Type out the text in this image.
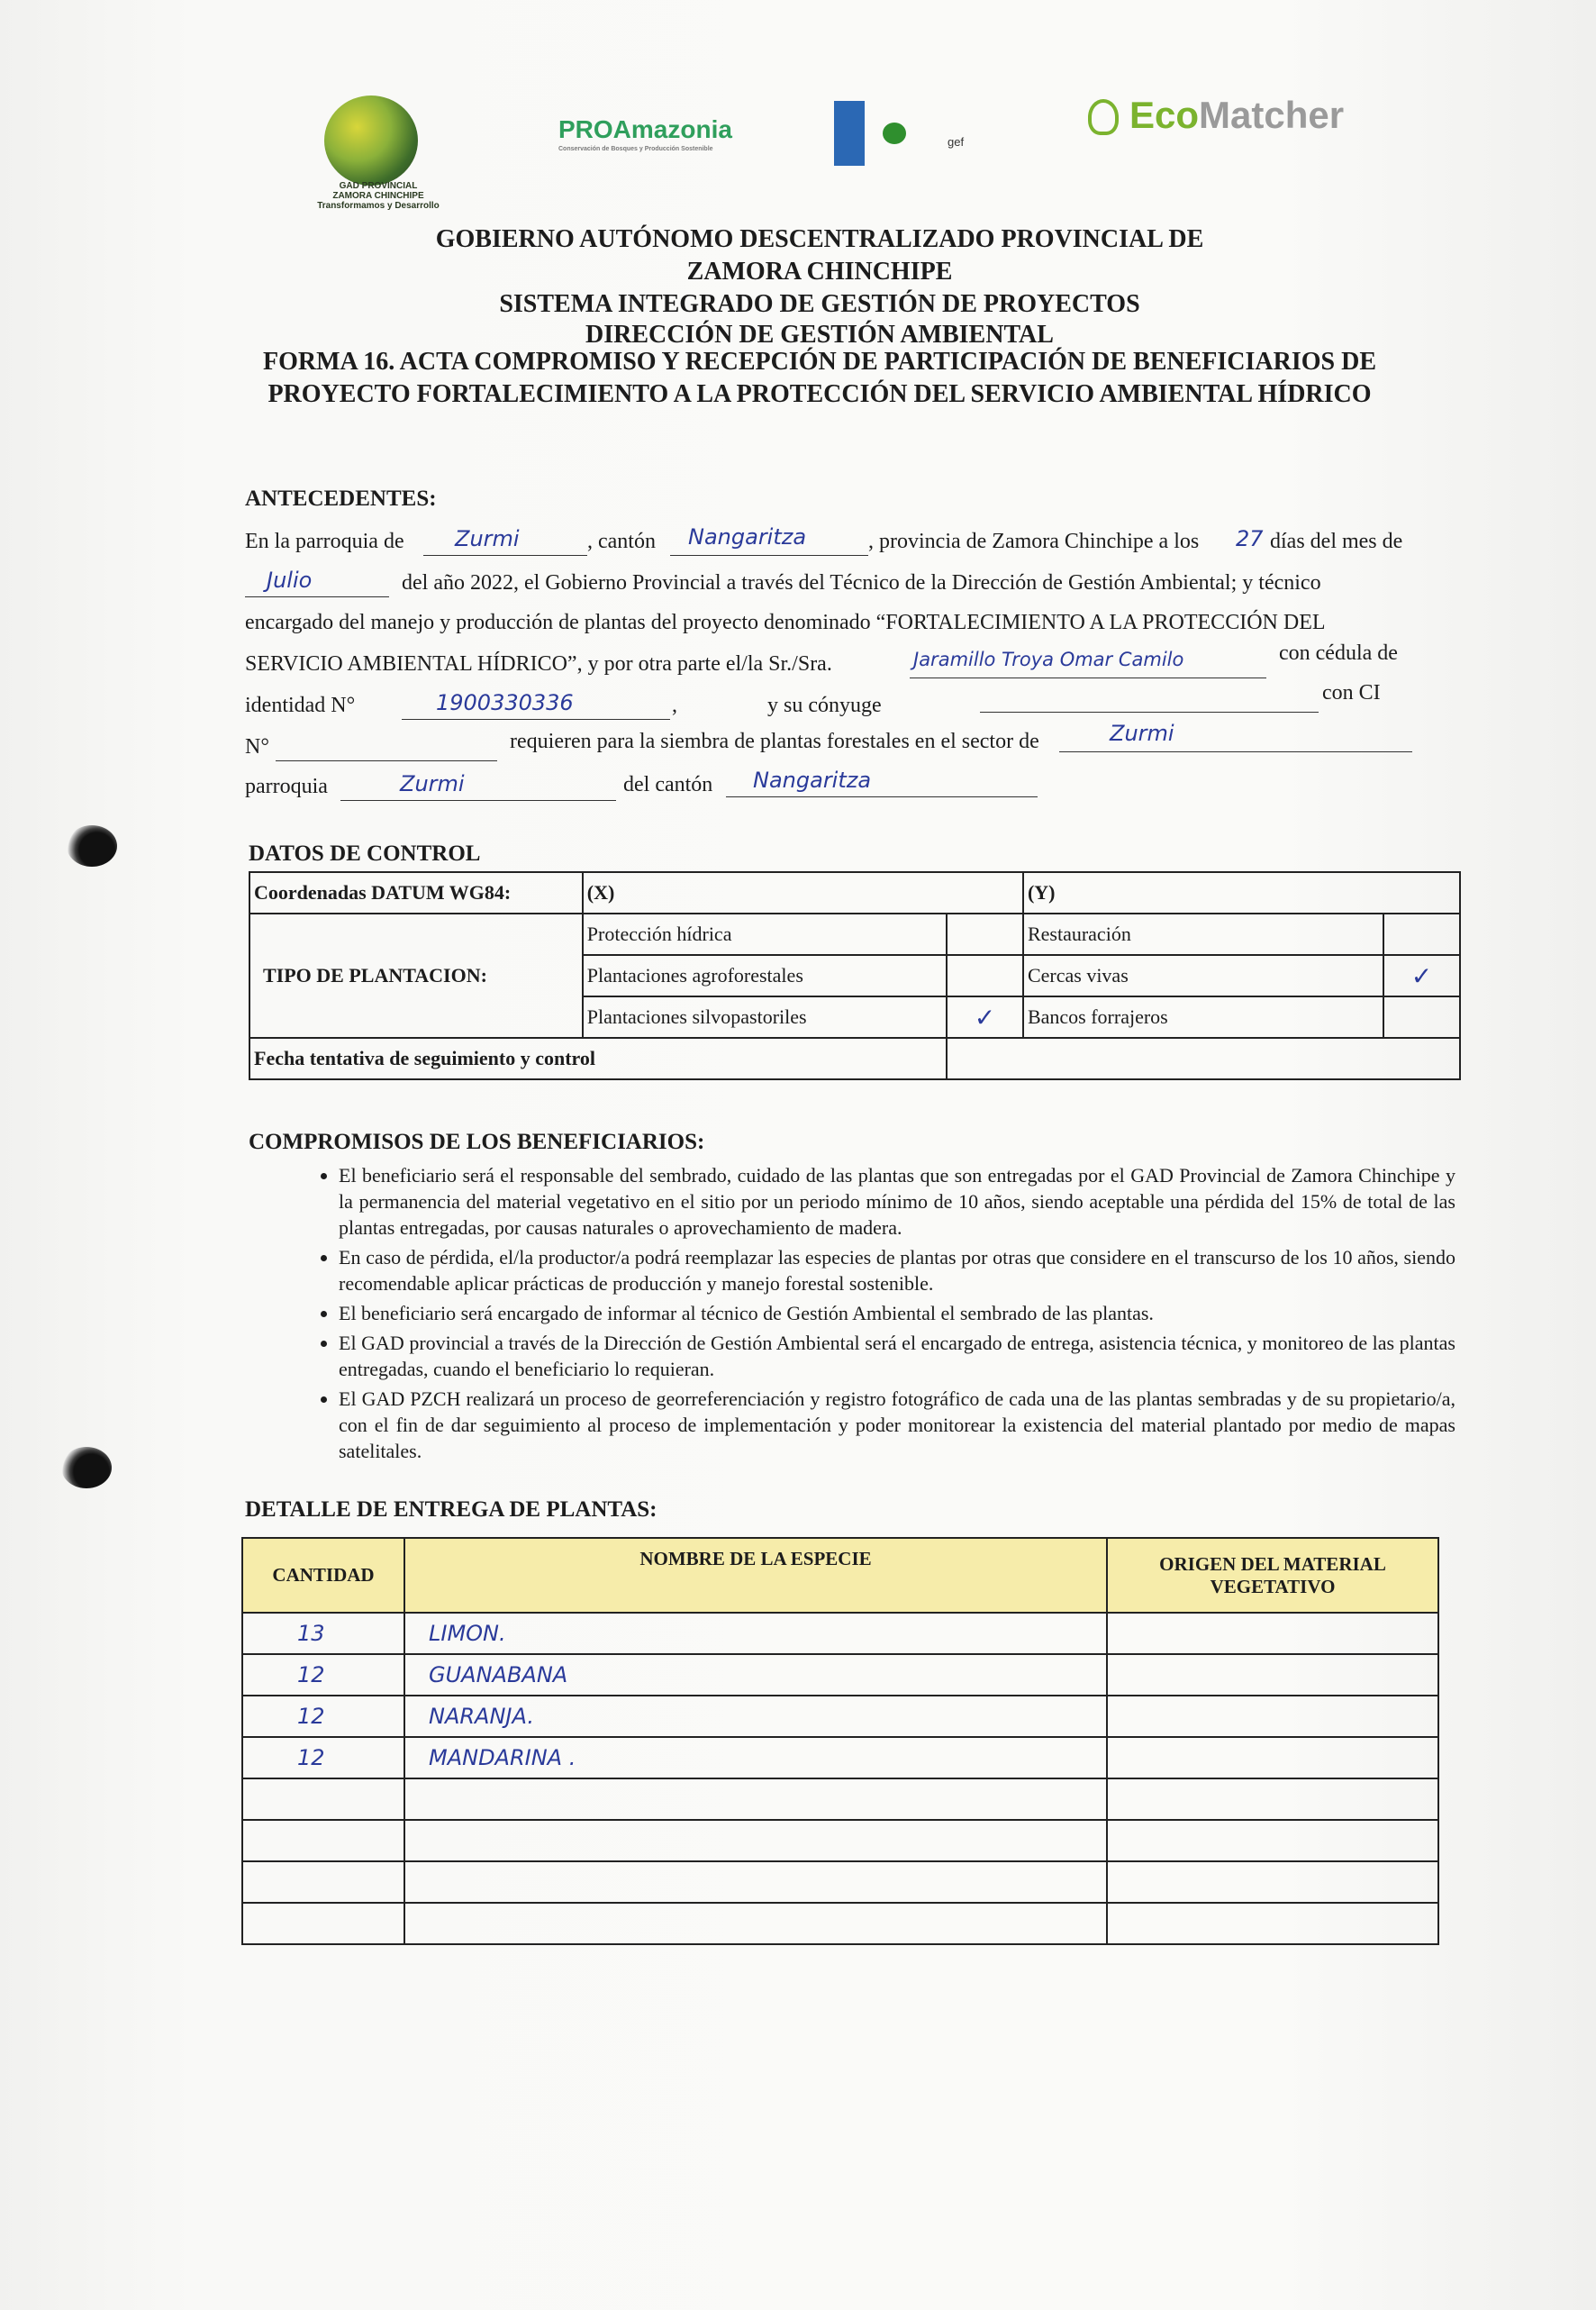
GAD PROVINCIAL
ZAMORA CHINCHIPE
Transformamos y Desarrollo
PROAmazonia
Conservación de Bosques y Producción Sostenible
gef
EcoMatcher
GOBIERNO AUTÓNOMO DESCENTRALIZADO PROVINCIAL DE
ZAMORA CHINCHIPE
SISTEMA INTEGRADO DE GESTIÓN DE PROYECTOS
DIRECCIÓN DE GESTIÓN AMBIENTAL
FORMA 16. ACTA COMPROMISO Y RECEPCIÓN DE PARTICIPACIÓN DE BENEFICIARIOS DE
PROYECTO FORTALECIMIENTO A LA PROTECCIÓN DEL SERVICIO AMBIENTAL HÍDRICO
ANTECEDENTES:
En la parroquia de Zurmi	, cantón Nangaritza	, provincia de Zamora Chinchipe a los 27 días del mes de
Julio	del año 2022, el Gobierno Provincial a través del Técnico de la Dirección de Gestión Ambiental; y técnico
encargado del manejo y producción de plantas del proyecto denominado “FORTALECIMIENTO A LA PROTECCIÓN DEL
SERVICIO AMBIENTAL HÍDRICO”, y por otra parte el/la Sr./Sra.	Jaramillo Troya Omar Camilo	con cédula de
identidad N°	1900330336	,	y su cónyuge
con CI
N°	requieren para la siembra de plantas forestales en el sector de	Zurmi
parroquia	Zurmi	del cantón Nangaritza
DATOS DE CONTROL
Coordenadas DATUM WG84:	(X)		(Y)	
TIPO DE PLANTACION:	Protección hídrica		Restauración	
	Plantaciones agroforestales		Cercas vivas	✓
	Plantaciones silvopastoriles	✓	Bancos forrajeros	
Fecha tentativa de seguimiento y control				
COMPROMISOS DE LOS BENEFICIARIOS:
• El beneficiario será el responsable del sembrado, cuidado de las plantas que son entregadas por el GAD Provincial de Zamora Chinchipe y la permanencia del material vegetativo en el sitio por un periodo mínimo de 10 años, siendo aceptable una pérdida del 15% de total de las plantas entregadas, por causas naturales o aprovechamiento de madera.
• En caso de pérdida, el/la productor/a podrá reemplazar las especies de plantas por otras que considere en el transcurso de los 10 años, siendo recomendable aplicar prácticas de producción y manejo forestal sostenible.
• El beneficiario será encargado de informar al técnico de Gestión Ambiental el sembrado de las plantas.
• El GAD provincial a través de la Dirección de Gestión Ambiental será el encargado de entrega, asistencia técnica, y monitoreo de las plantas entregadas, cuando el beneficiario lo requieran.
• El GAD PZCH realizará un proceso de georreferenciación y registro fotográfico de cada una de las plantas sembradas y de su propietario/a, con el fin de dar seguimiento al proceso de implementación y poder monitorear la existencia del material plantado por medio de mapas satelitales.
DETALLE DE ENTREGA DE PLANTAS:
CANTIDAD	NOMBRE DE LA ESPECIE	ORIGEN DEL MATERIAL VEGETATIVO
13	LIMON.	
12	GUANABANA	
12	NARANJA.	
12	MANDARINA .	
